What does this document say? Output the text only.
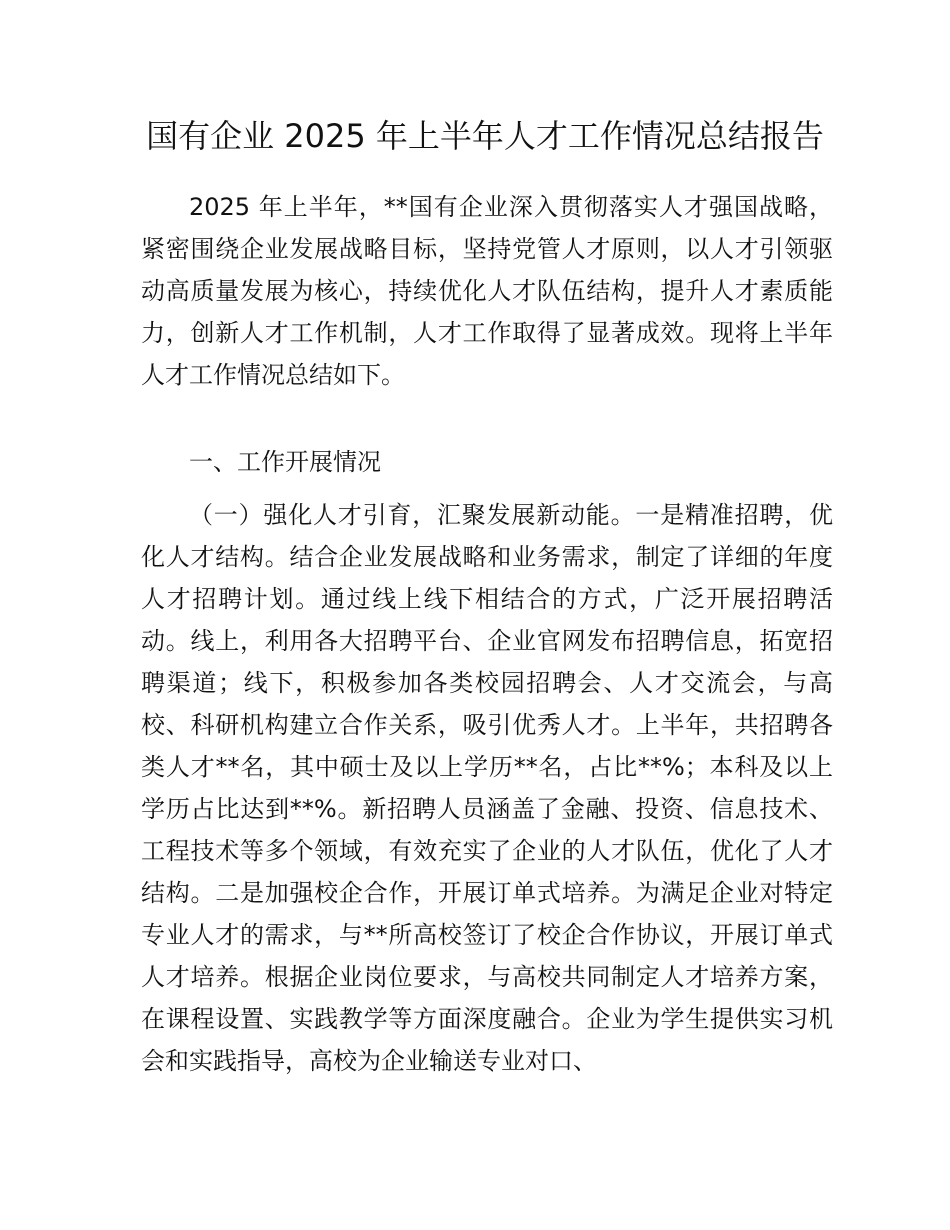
国有企业 2025 年上半年人才工作情况总结报告

2025 年上半年，**国有企业深入贯彻落实人才强国战略，紧密围绕企业发展战略目标，坚持党管人才原则，以人才引领驱动高质量发展为核心，持续优化人才队伍结构，提升人才素质能力，创新人才工作机制，人才工作取得了显著成效。现将上半年人才工作情况总结如下。

一、工作开展情况

（一）强化人才引育，汇聚发展新动能。一是精准招聘，优化人才结构。结合企业发展战略和业务需求，制定了详细的年度人才招聘计划。通过线上线下相结合的方式，广泛开展招聘活动。线上，利用各大招聘平台、企业官网发布招聘信息，拓宽招聘渠道；线下，积极参加各类校园招聘会、人才交流会，与高校、科研机构建立合作关系，吸引优秀人才。上半年，共招聘各类人才**名，其中硕士及以上学历**名，占比**%；本科及以上学历占比达到**%。新招聘人员涵盖了金融、投资、信息技术、工程技术等多个领域，有效充实了企业的人才队伍，优化了人才结构。二是加强校企合作，开展订单式培养。为满足企业对特定专业人才的需求，与**所高校签订了校企合作协议，开展订单式人才培养。根据企业岗位要求，与高校共同制定人才培养方案，在课程设置、实践教学等方面深度融合。企业为学生提供实习机会和实践指导，高校为企业输送专业对口、
